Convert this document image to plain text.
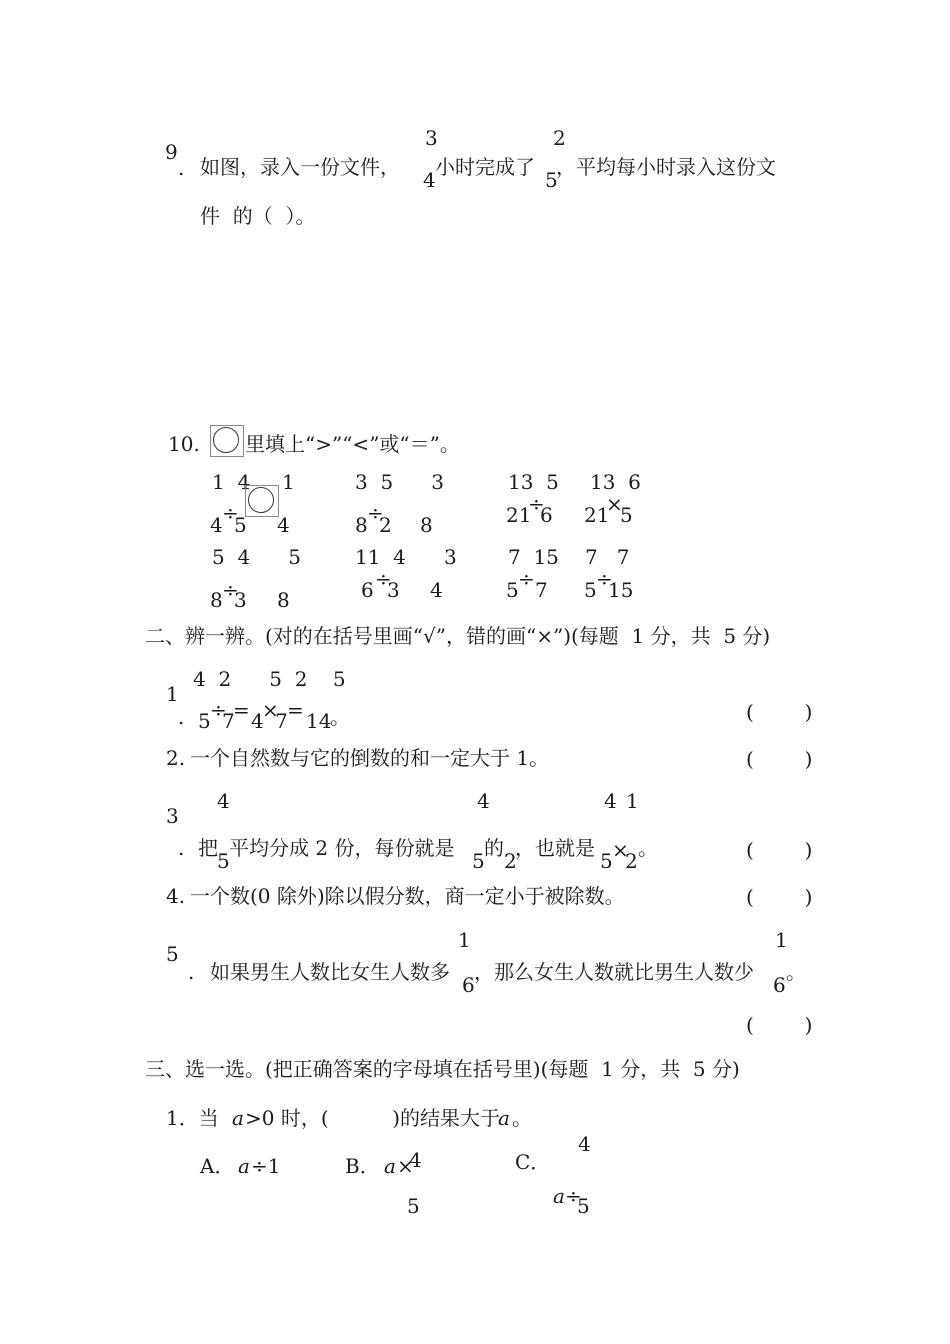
9
. 如图，录入一份文件，
3
4
小时完成了
2
5
，平均每小时录入这份文
件  的（  ）。
10. 里填上“>”“<”或“＝”。
1  4     1
4 ÷
5 4
3  5      3
8 ÷
2 8
13  5 13  6
21
÷
6 21
×
5
5  4      5
8 ÷
3 8
11  4      3
6 ÷
3 4
7  15 7   7
5 ÷ 7 5 ÷
15
二、辨一辨。(对的在括号里画“√”，错的画“×”)(每题  1 分，共  5 分)
1
.
4  2      5  2    5
5 ÷
7
= 4
×
7 = 14
。	(        )
2. 一个自然数与它的倒数的和一定大于 1。	(        )
3
. 把
4
5
平均分成 2 份，每份就是
4
5
的
1
2
，也就是
4
5 ×
2
。	(        )
4. 一个数(0 除外)除以假分数，商一定小于被除数。	(        )
5
. 如果男生人数比女生人数多
1
6
，那么女生人数就比男生人数少
1
6
。
(        )
三、选一选。(把正确答案的字母填在括号里)(每题  1 分，共  5 分)
1．当 a >0 时，(          )的结果大于
a 。
A． a ÷1	B． a ×
4
5
C．
4
a ÷
5
